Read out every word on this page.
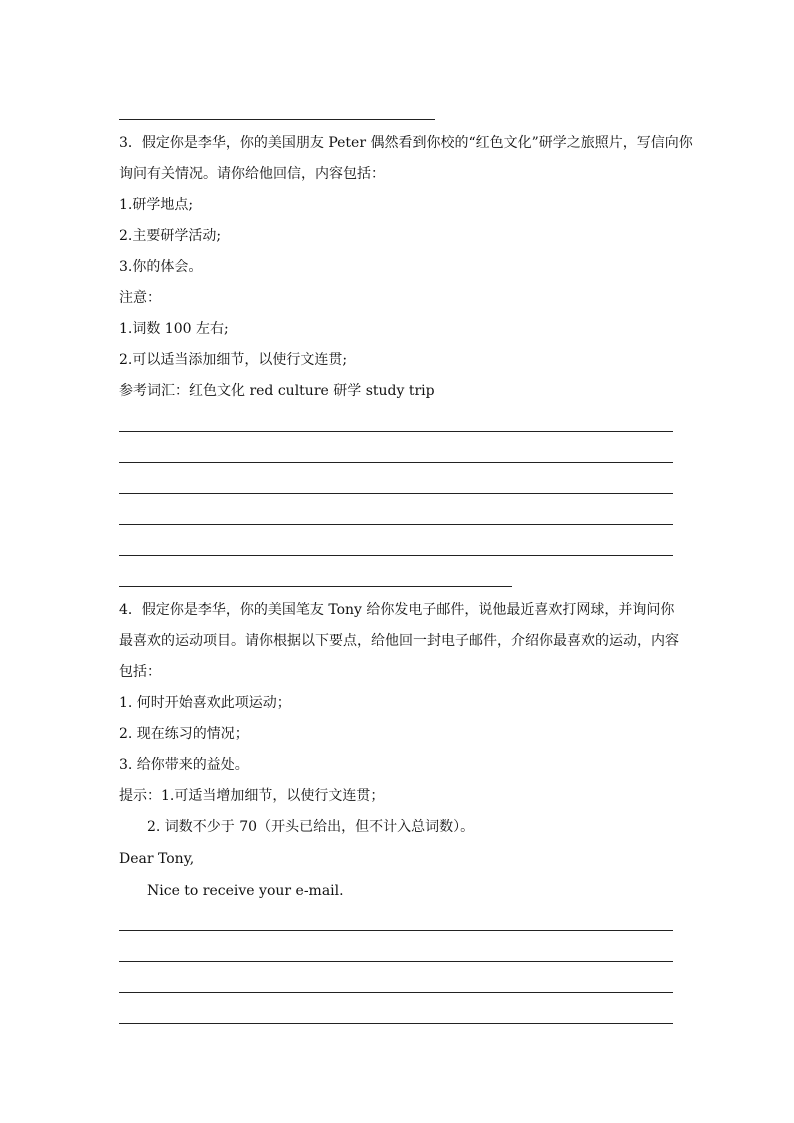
3．假定你是李华，你的美国朋友 Peter 偶然看到你校的“红色文化”研学之旅照片，写信向你
询问有关情况。请你给他回信，内容包括：
1.研学地点;
2.主要研学活动;
3.你的体会。
注意：
1.词数 100 左右;
2.可以适当添加细节，以使行文连贯;
参考词汇：红色文化 red culture 研学 study trip
4．假定你是李华，你的美国笔友 Tony 给你发电子邮件，说他最近喜欢打网球，并询问你
最喜欢的运动项目。请你根据以下要点，给他回一封电子邮件，介绍你最喜欢的运动，内容
包括：
1. 何时开始喜欢此项运动；
2. 现在练习的情况；
3. 给你带来的益处。
提示：1.可适当增加细节，以使行文连贯；
2. 词数不少于 70（开头已给出，但不计入总词数）。
Dear Tony,
Nice to receive your e-mail.
